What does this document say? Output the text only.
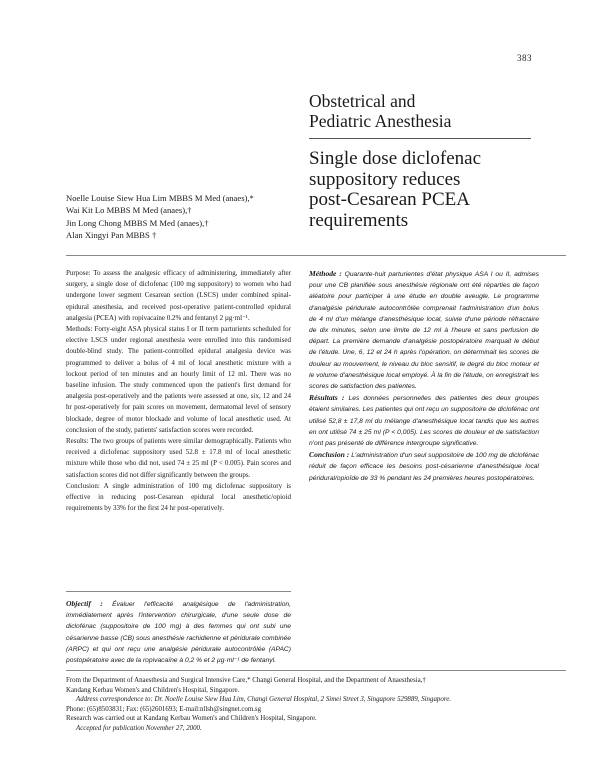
383
Obstetrical and
Pediatric Anesthesia
Single dose diclofenac
suppository reduces
post-Cesarean PCEA
requirements
Noelle Louise Siew Hua Lim MBBS M Med (anaes),*
Wai Kit Lo MBBS M Med (anaes),†
Jin Long Chong MBBS M Med (anaes),†
Alan Xingyi Pan MBBS †

Purpose: To assess the analgesic efficacy of administering, immediately after surgery, a single dose of diclofenac (100 mg suppository) to women who had undergone lower segment Cesarean section (LSCS) under combined spinal-epidural anesthesia, and received post-operative patient-controlled epidural analgesia (PCEA) with ropivacaine 0.2% and fentanyl 2 µg·ml⁻¹.

Methods: Forty-eight ASA physical status I or II term parturients scheduled for elective LSCS under regional anesthesia were enrolled into this randomised double-blind study. The patient-controlled epidural analgesia device was programmed to deliver a bolus of 4 ml of local anesthetic mixture with a lockout period of ten minutes and an hourly limit of 12 ml. There was no baseline infusion. The study commenced upon the patient's first demand for analgesia post-operatively and the patients were assessed at one, six, 12 and 24 hr post-operatively for pain scores on movement, dermatomal level of sensory blockade, degree of motor blockade and volume of local anesthetic used. At conclusion of the study, patients' satisfaction scores were recorded.

Results: The two groups of patients were similar demographically. Patients who received a diclofenac suppository used 52.8 ± 17.8 ml of local anesthetic mixture while those who did not, used 74 ± 25 ml (P < 0.005). Pain scores and satisfaction scores did not differ significantly between the groups.

Conclusion: A single administration of 100 mg diclofenac suppository is effective in reducing post-Cesarean epidural local anesthetic/opioid requirements by 33% for the first 24 hr post-operatively.

Objectif : Évaluer l'efficacité analgésique de l'administration, immédiatement après l'intervention chirurgicale, d'une seule dose de diclofénac (suppositoire de 100 mg) à des femmes qui ont subi une césarienne basse (CB) sous anesthésie rachidienne et péridurale combinée (ARPC) et qui ont reçu une analgésie péridurale autocontrôlée (APAC) postopératoire avec de la ropivacaïne à 0,2 % et 2 µg·ml⁻¹ de fentanyl.

Méthode : Quarante-huit parturientes d'état physique ASA I ou II, admises pour une CB planifiée sous anesthésie régionale ont été réparties de façon aléatoire pour participer à une étude en double aveugle. Le programme d'analgésie péridurale autocontrôlée comprenait l'administration d'un bolus de 4 ml d'un mélange d'anesthésique local, suivie d'une période réfractaire de dix minutes, selon une limite de 12 ml à l'heure et sans perfusion de départ. La première demande d'analgésie postopératoire marquait le début de l'étude. Une, 6, 12 et 24 h après l'opération, on déterminait les scores de douleur au mouvement, le niveau du bloc sensitif, le degré du bloc moteur et le volume d'anesthésique local employé. À la fin de l'étude, on enregistrait les scores de satisfaction des patientes.

Résultats : Les données personnelles des patientes des deux groupes étaient similaires. Les patientes qui ont reçu un suppositoire de diclofénac ont utilisé 52,8 ± 17,8 ml du mélange d'anesthésique local tandis que les autres en ont utilisé 74 ± 25 ml (P < 0,005). Les scores de douleur et de satisfaction n'ont pas présenté de différence intergroupe significative.

Conclusion : L'administration d'un seul suppositoire de 100 mg de diclofénac réduit de façon efficace les besoins post-césarienne d'anesthésique local péridural/opioïde de 33 % pendant les 24 premières heures postopératoires.

From the Department of Anaesthesia and Surgical Intensive Care,* Changi General Hospital, and the Department of Anaesthesia,†
Kandang Kerbau Women's and Children's Hospital, Singapore.
Address correspondence to: Dr. Noelle Louise Siew Hua Lim, Changi General Hospital, 2 Simei Street 3, Singapore 529889, Singapore.
Phone: (65)8503831; Fax: (65)2601693; E-mail:nllsh@singnet.com.sg
Research was carried out at Kandang Kerbau Women's and Children's Hospital, Singapore.
Accepted for publication November 27, 2000.
